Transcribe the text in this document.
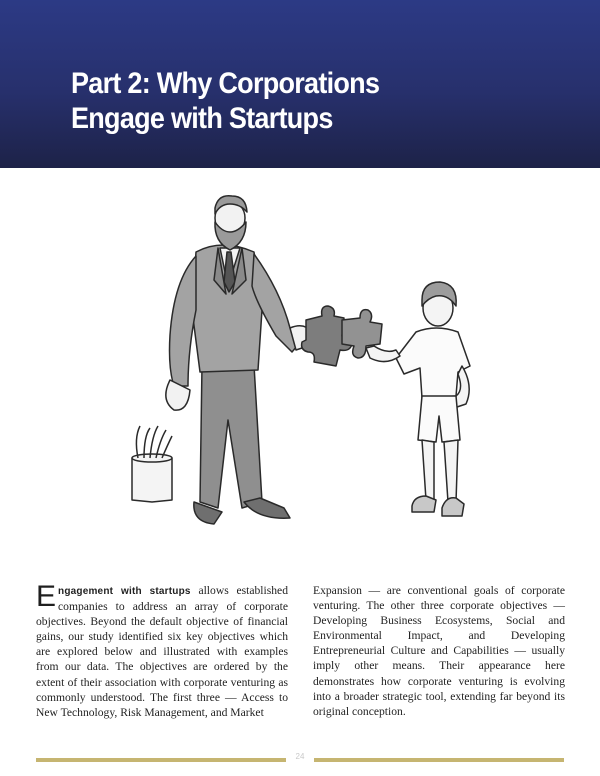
Part 2: Why Corporations
Engage with Startups
Engagement with startups allows established companies to address an array of corporate objectives. Beyond the default objective of financial gains, our study identified six key objectives which are explored below and illustrated with examples from our data. The objectives are ordered by the extent of their association with corporate venturing as commonly understood. The first three — Access to New Technology, Risk Management, and Market
Expansion — are conventional goals of corporate venturing. The other three corporate objectives — Developing Business Ecosystems, Social and Environmental Impact, and Developing Entrepreneurial Culture and Capabilities — usually imply other means. Their appearance here demonstrates how corporate venturing is evolving into a broader strategic tool, extending far beyond its original conception.
24
